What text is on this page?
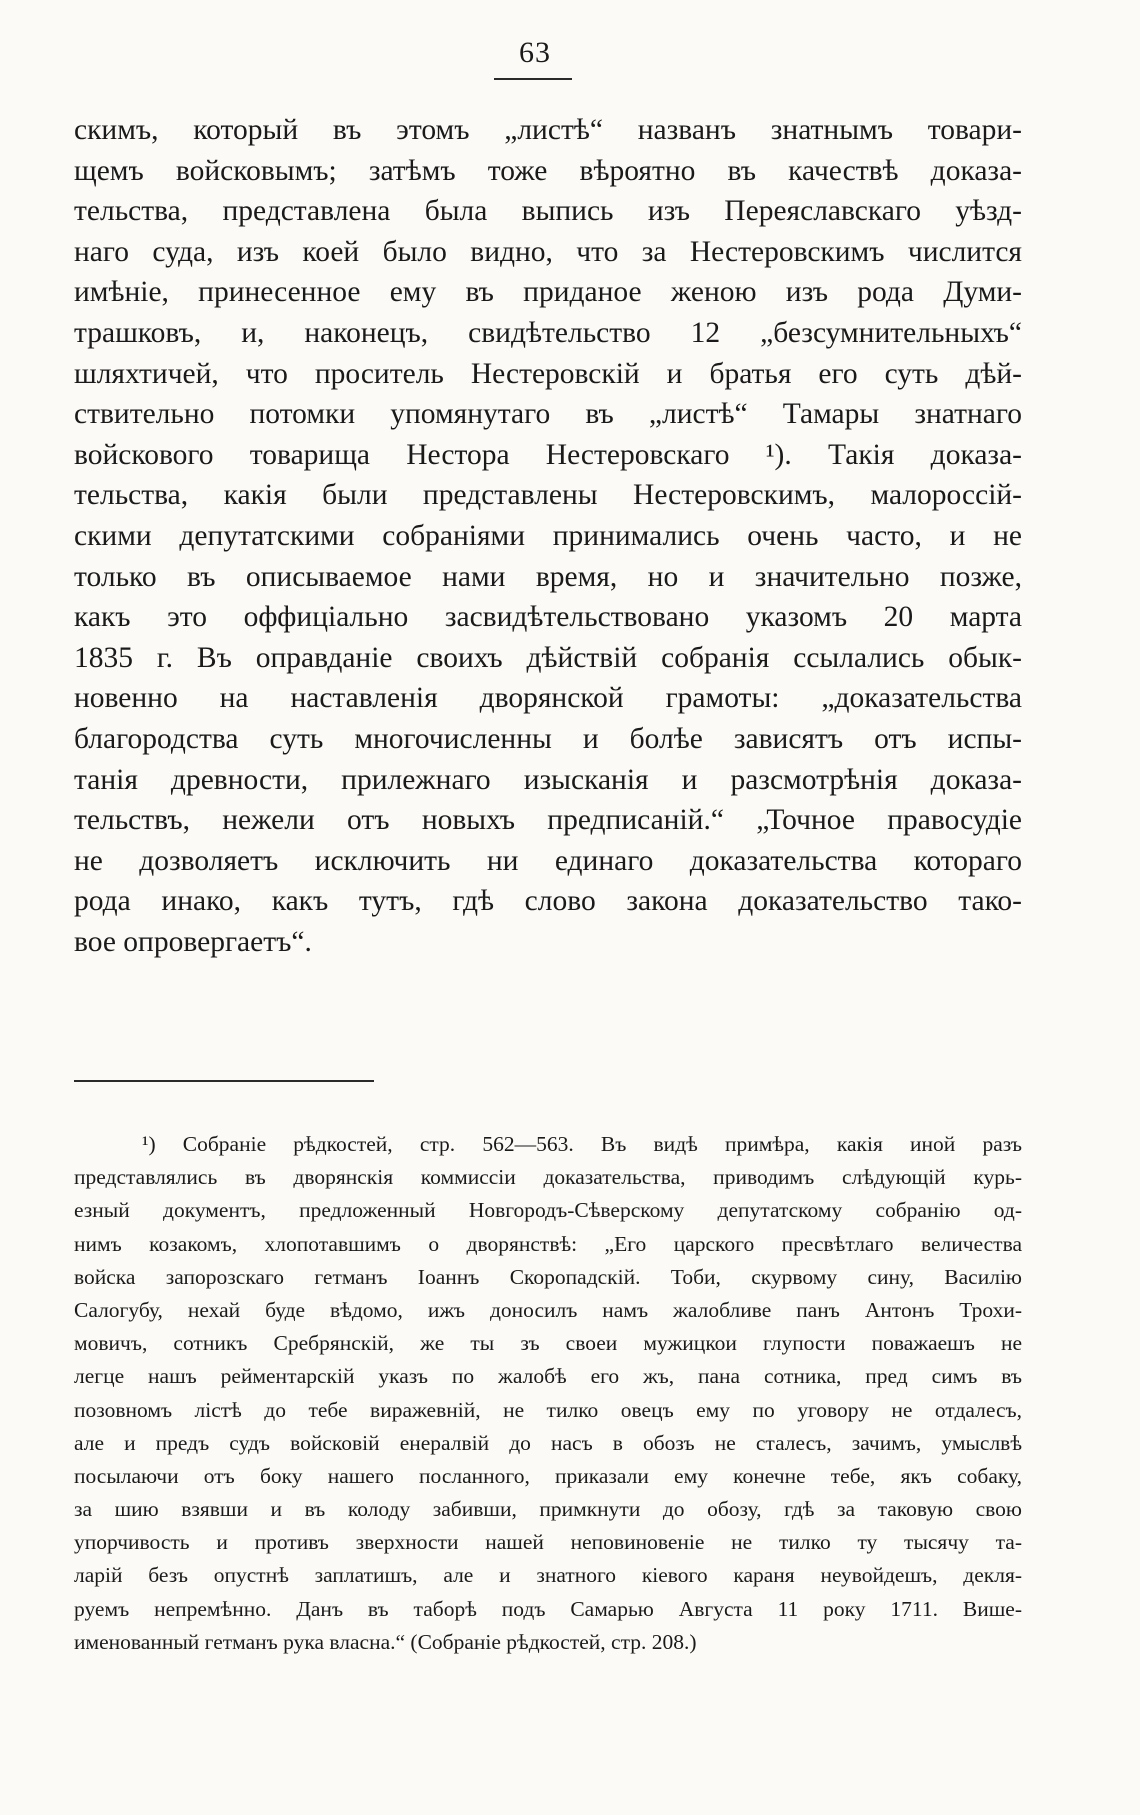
63
скимъ, который въ этомъ „листѣ“ названъ знатнымъ товари-
щемъ войсковымъ; затѣмъ тоже вѣроятно въ качествѣ доказа-
тельства, представлена была выпись изъ Переяславскаго уѣзд-
наго суда, изъ коей было видно, что за Нестеровскимъ числится
имѣніе, принесенное ему въ приданое женою изъ рода Думи-
трашковъ, и, наконецъ, свидѣтельство 12 „безсумнительныхъ“
шляхтичей, что проситель Нестеровскій и братья его суть дѣй-
ствительно потомки упомянутаго въ „листѣ“ Тамары знатнаго
войскового товарища Нестора Нестеровскаго ¹). Такія доказа-
тельства, какія были представлены Нестеровскимъ, малороссій-
скими депутатскими собраніями принимались очень часто, и не
только въ описываемое нами время, но и значительно позже,
какъ это оффиціально засвидѣтельствовано указомъ 20 марта
1835 г. Въ оправданіе своихъ дѣйствій собранія ссылались обык-
новенно на наставленія дворянской грамоты: „доказательства
благородства суть многочисленны и болѣе зависятъ отъ испы-
танія древности, прилежнаго изысканія и разсмотрѣнія доказа-
тельствъ, нежели отъ новыхъ предписаній.“ „Точное правосудіе
не дозволяетъ исключить ни единаго доказательства котораго
рода инако, какъ тутъ, гдѣ слово закона доказательство тако-
вое опровергаетъ“.
¹) Собраніе рѣдкостей, стр. 562—563. Въ видѣ примѣра, какія иной разъ
представлялись въ дворянскія коммиссіи доказательства, приводимъ слѣдующій курь-
езный документъ, предложенный Новгородъ-Сѣверскому депутатскому собранію од-
нимъ козакомъ, хлопотавшимъ о дворянствѣ: „Его царского пресвѣтлаго величества
войска запорозскаго гетманъ Іоаннъ Скоропадскій. Тоби, скурвому сину, Василію
Салогубу, нехай буде вѣдомо, ижъ доносилъ намъ жалобливе панъ Антонъ Трохи-
мовичъ, сотникъ Сребрянскій, же ты зъ своеи мужицкои глупости поважаешъ не
легце нашъ рейментарскій указъ по жалобѣ его жъ, пана сотника, пред симъ въ
позовномъ лістѣ до тебе виражевній, не тилко овецъ ему по уговору не отдалесъ,
але и предъ судъ войсковій енералвій до насъ в обозъ не сталесъ, зачимъ, умыслвѣ
посылаючи отъ боку нашего посланного, приказали ему конечне тебе, якъ собаку,
за шию взявши и въ колоду забивши, примкнути до обозу, гдѣ за таковую свою
упорчивость и противъ зверхности нашей неповиновеніе не тилко ту тысячу та-
ларій безъ опустнѣ заплатишъ, але и знатного кіевого караня неувойдешъ, декля-
руемъ непремѣнно. Данъ въ таборѣ подъ Самарью Августа 11 року 1711. Више-
именованный гетманъ рука власна.“ (Собраніе рѣдкостей, стр. 208.)
